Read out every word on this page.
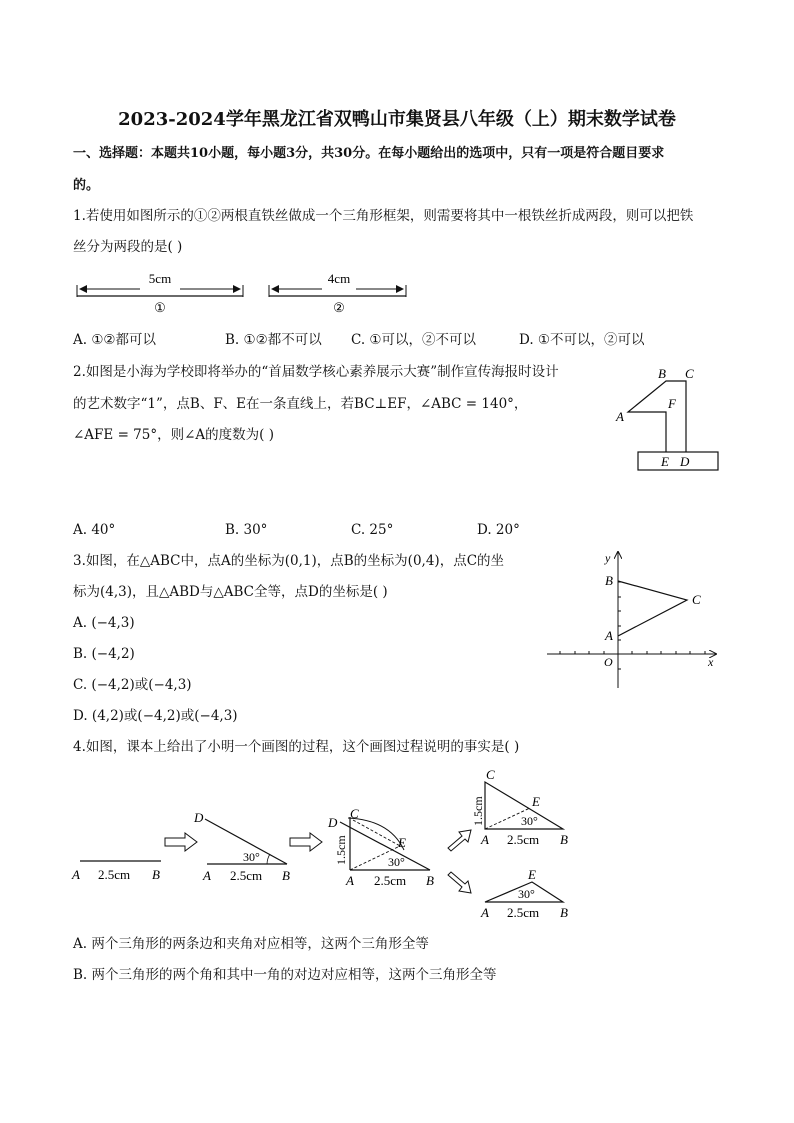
2023-2024学年黑龙江省双鸭山市集贤县八年级（上）期末数学试卷
一、选择题：本题共10小题，每小题3分，共30分。在每小题给出的选项中，只有一项是符合题目要求
的。
1.若使用如图所示的①②两根直铁丝做成一个三角形框架，则需要将其中一根铁丝折成两段，则可以把铁
丝分为两段的是( )
5cm
①
4cm
②
A. ①②都可以	B. ①②都不可以 C. ①可以，②不可以	D. ①不可以，②可以
2.如图是小海为学校即将举办的“首届数学核心素养展示大赛”制作宣传海报时设计
的艺术数字“1”，点B、F、E在一条直线上，若BC⊥EF，∠ABC = 140°，
∠AFE = 75°，则∠A的度数为( )
B C
A
F
E D
A. 40°	B. 30°	C. 25°	D. 20°
3.如图，在△ABC中，点A的坐标为(0,1)，点B的坐标为(0,4)，点C的坐
标为(4,3)，且△ABD与△ABC全等，点D的坐标是( )
A. (−4,3)
B. (−4,2)
C. (−4,2)或(−4,3)
D. (4,2)或(−4,2)或(−4,3)
y
x
O
A
B
C
4.如图，课本上给出了小明一个画图的过程，这个画图过程说明的事实是( )
A 2.5cm B
D
30°
A 2.5cm B
C
D
E
30°
1.5cm
A 2.5cm B
C
E
30°
1.5cm
A 2.5cm B
E
30°
A 2.5cm B
A. 两个三角形的两条边和夹角对应相等，这两个三角形全等
B. 两个三角形的两个角和其中一角的对边对应相等，这两个三角形全等
